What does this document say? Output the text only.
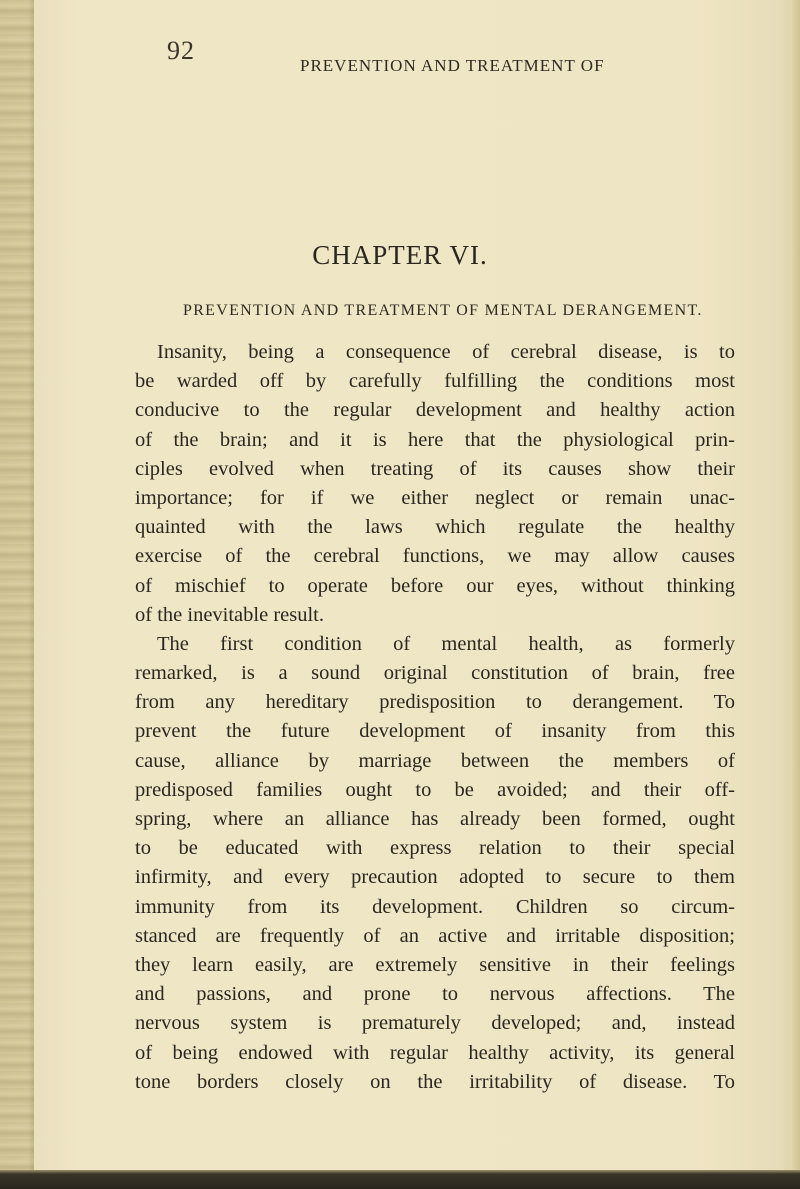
92
PREVENTION AND TREATMENT OF
CHAPTER VI.
PREVENTION AND TREATMENT OF MENTAL DERANGEMENT.
Insanity, being a consequence of cerebral disease, is to
be warded off by carefully fulfilling the conditions most
conducive to the regular development and healthy action
of the brain; and it is here that the physiological prin-
ciples evolved when treating of its causes show their
importance; for if we either neglect or remain unac-
quainted with the laws which regulate the healthy
exercise of the cerebral functions, we may allow causes
of mischief to operate before our eyes, without thinking
of the inevitable result.
The first condition of mental health, as formerly
remarked, is a sound original constitution of brain, free
from any hereditary predisposition to derangement. To
prevent the future development of insanity from this
cause, alliance by marriage between the members of
predisposed families ought to be avoided; and their off-
spring, where an alliance has already been formed, ought
to be educated with express relation to their special
infirmity, and every precaution adopted to secure to them
immunity from its development. Children so circum-
stanced are frequently of an active and irritable disposition;
they learn easily, are extremely sensitive in their feelings
and passions, and prone to nervous affections. The
nervous system is prematurely developed; and, instead
of being endowed with regular healthy activity, its general
tone borders closely on the irritability of disease. To
